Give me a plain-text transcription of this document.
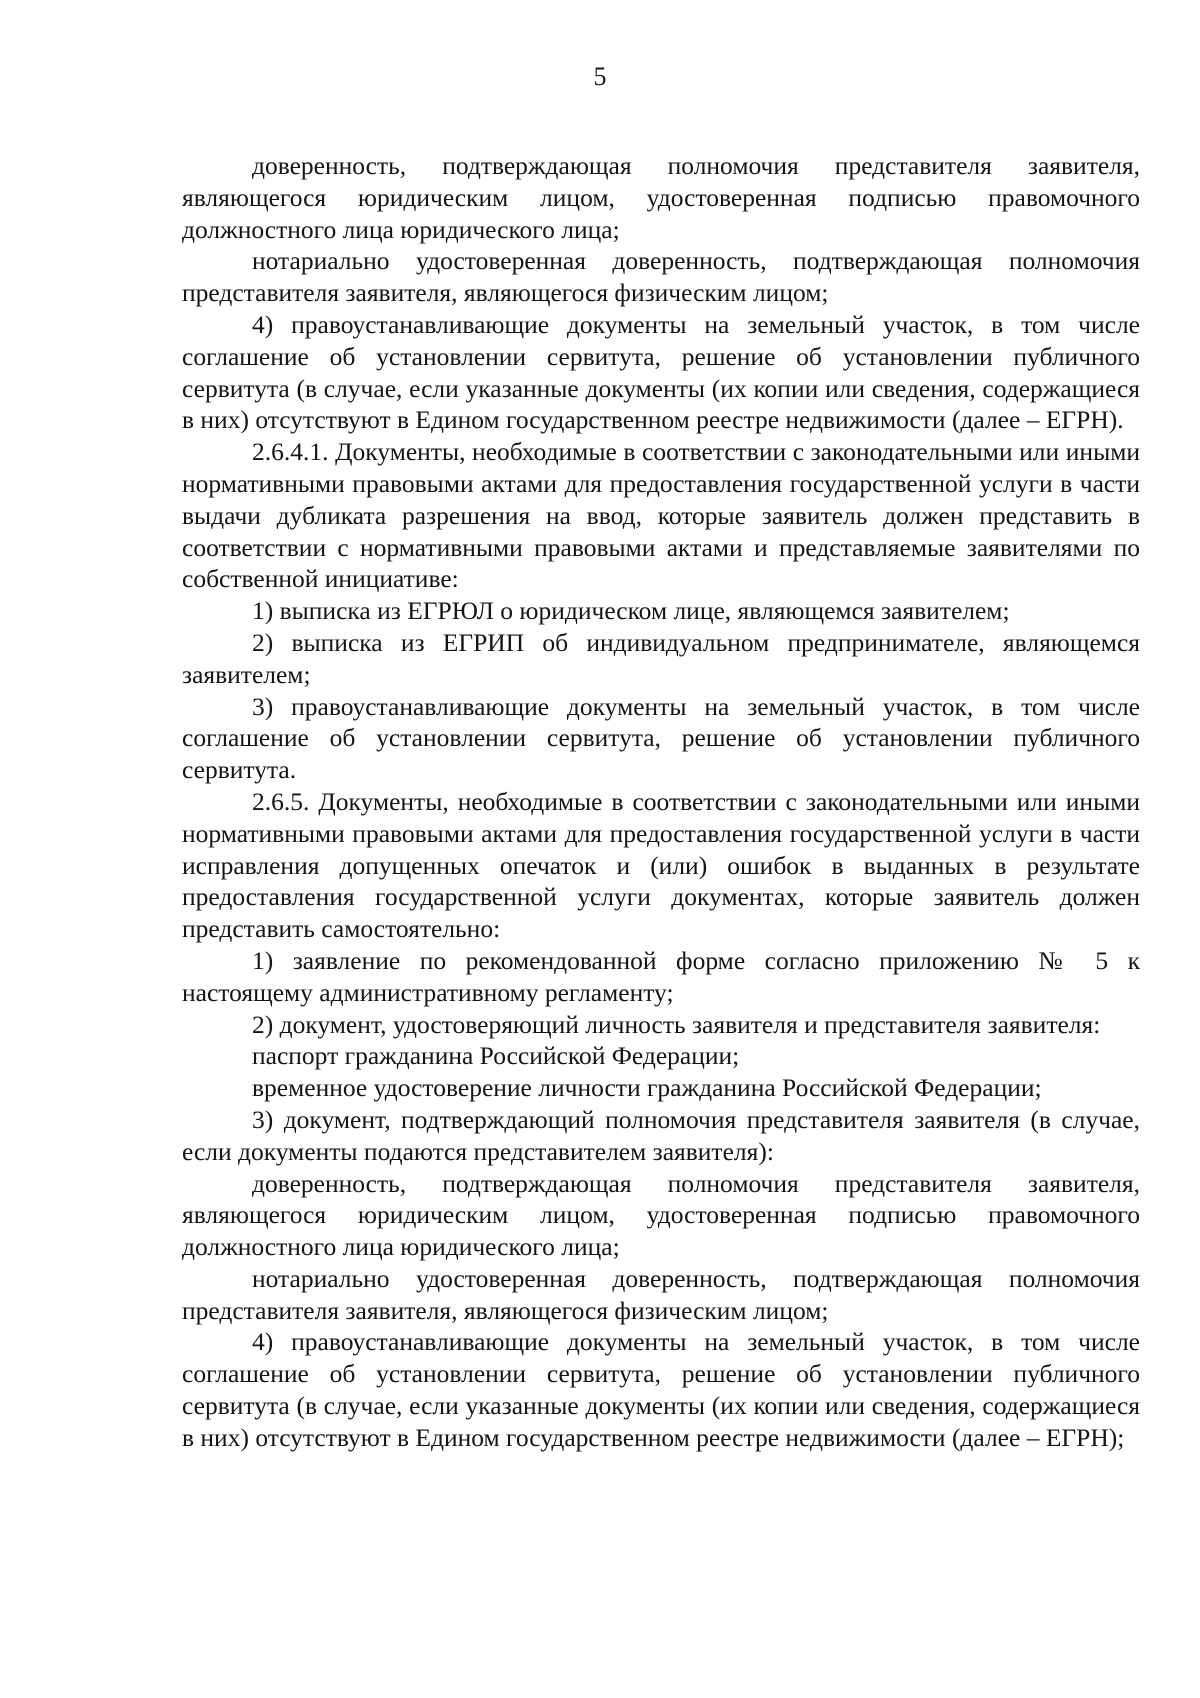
5

доверенность, подтверждающая полномочия представителя заявителя, являющегося юридическим лицом, удостоверенная подписью правомочного должностного лица юридического лица;

нотариально удостоверенная доверенность, подтверждающая полномочия представителя заявителя, являющегося физическим лицом;

4) правоустанавливающие документы на земельный участок, в том числе соглашение об установлении сервитута, решение об установлении публичного сервитута (в случае, если указанные документы (их копии или сведения, содержащиеся в них) отсутствуют в Едином государственном реестре недвижимости (далее – ЕГРН).

2.6.4.1. Документы, необходимые в соответствии с законодательными или иными нормативными правовыми актами для предоставления государственной услуги в части выдачи дубликата разрешения на ввод, которые заявитель должен представить в соответствии с нормативными правовыми актами и представляемые заявителями по собственной инициативе:

1) выписка из ЕГРЮЛ о юридическом лице, являющемся заявителем;

2) выписка из ЕГРИП об индивидуальном предпринимателе, являющемся заявителем;

3) правоустанавливающие документы на земельный участок, в том числе соглашение об установлении сервитута, решение об установлении публичного сервитута.

2.6.5. Документы, необходимые в соответствии с законодательными или иными нормативными правовыми актами для предоставления государственной услуги в части исправления допущенных опечаток и (или) ошибок в выданных в результате предоставления государственной услуги документах, которые заявитель должен представить самостоятельно:

1) заявление по рекомендованной форме согласно приложению № 5 к настоящему административному регламенту;

2) документ, удостоверяющий личность заявителя и представителя заявителя:

паспорт гражданина Российской Федерации;

временное удостоверение личности гражданина Российской Федерации;

3) документ, подтверждающий полномочия представителя заявителя (в случае, если документы подаются представителем заявителя):

доверенность, подтверждающая полномочия представителя заявителя, являющегося юридическим лицом, удостоверенная подписью правомочного должностного лица юридического лица;

нотариально удостоверенная доверенность, подтверждающая полномочия представителя заявителя, являющегося физическим лицом;

4) правоустанавливающие документы на земельный участок, в том числе соглашение об установлении сервитута, решение об установлении публичного сервитута (в случае, если указанные документы (их копии или сведения, содержащиеся в них) отсутствуют в Едином государственном реестре недвижимости (далее – ЕГРН);
